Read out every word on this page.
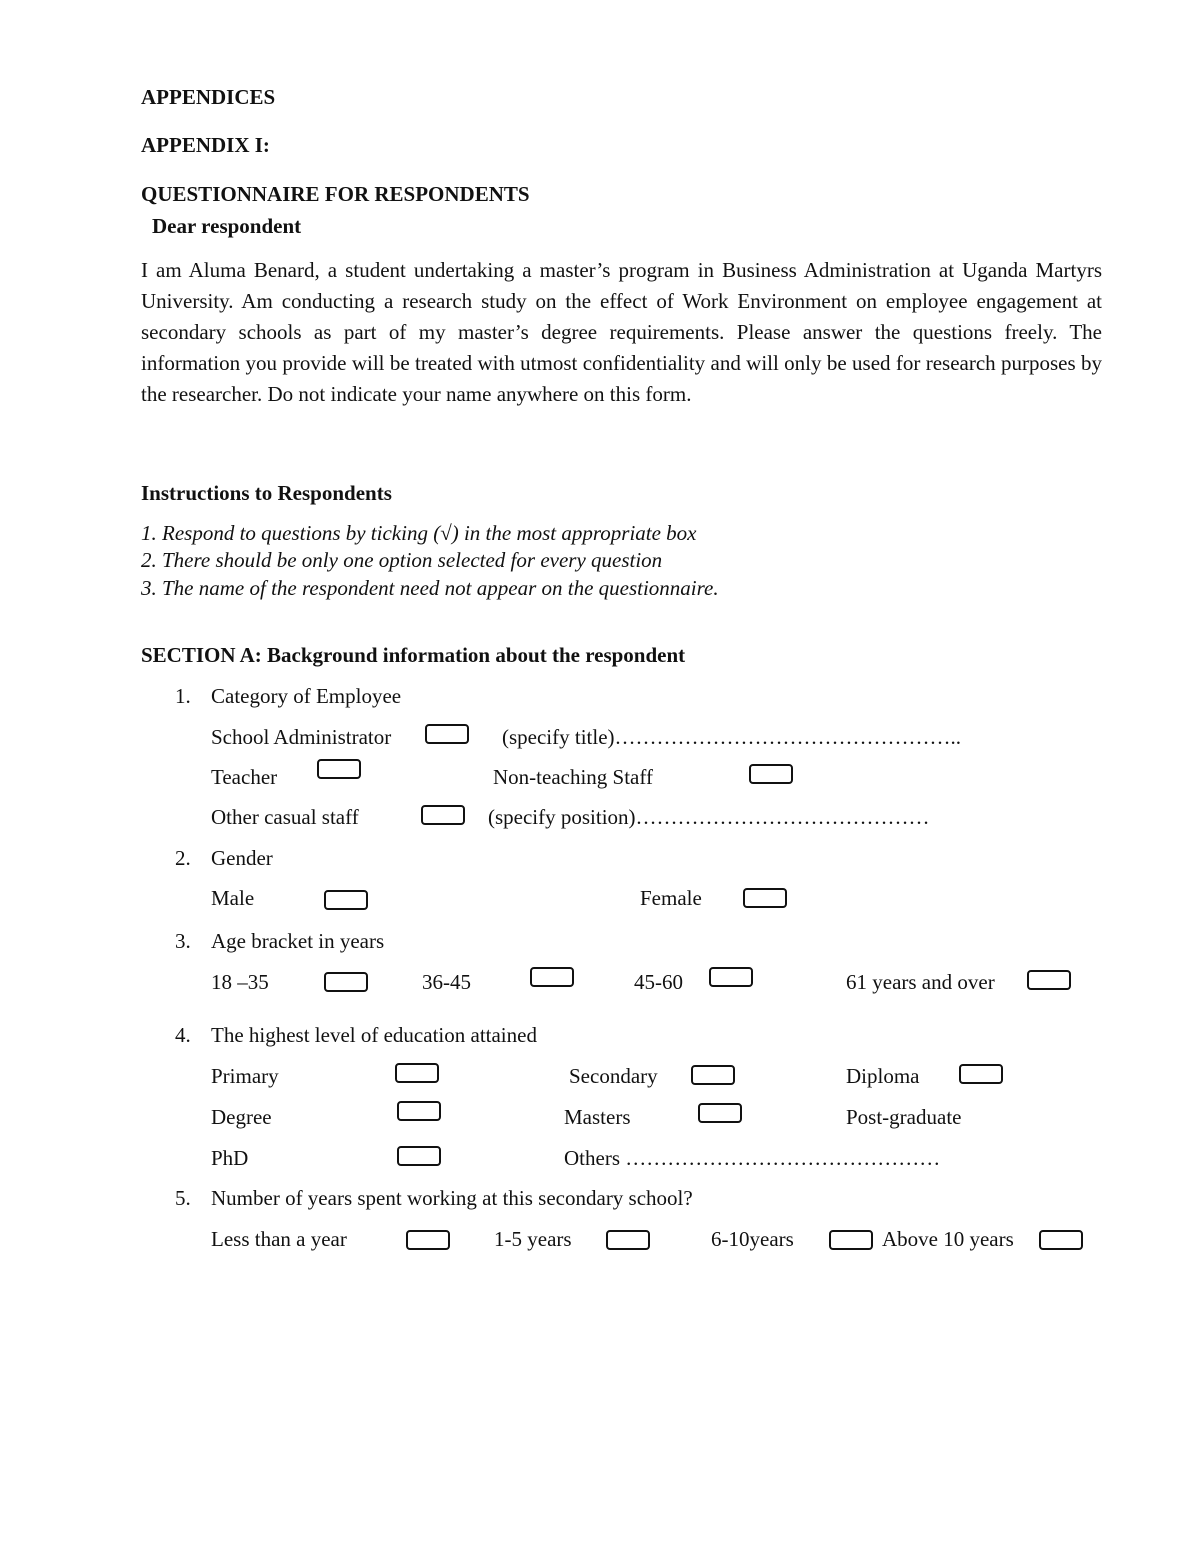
APPENDICES
APPENDIX I:
QUESTIONNAIRE FOR RESPONDENTS
Dear respondent
I am Aluma Benard, a student undertaking a master’s program in Business Administration at Uganda Martyrs University. Am conducting a research study on the effect of Work Environment on employee engagement at secondary schools as part of my master’s degree requirements. Please answer the questions freely. The information you provide will be treated with utmost confidentiality and will only be used for research purposes by the researcher. Do not indicate your name anywhere on this form.
Instructions to Respondents
1. Respond to questions by ticking (√) in the most appropriate box
2. There should be only one option selected for every question
3. The name of the respondent need not appear on the questionnaire.
SECTION A: Background information about the respondent
1. Category of Employee
School Administrator	(specify title)…………………………………………..
Teacher	Non-teaching Staff
Other casual staff	(specify position)……………………………………
2. Gender
Male	Female
3. Age bracket in years
18 –35	36-45	45-60	61 years and over
4. The highest level of education attained
Primary	Secondary	Diploma
Degree	Masters	Post-graduate
PhD	Others ………………………………………
5. Number of years spent working at this secondary school?
Less than a year	1-5 years	6-10years	Above 10 years
